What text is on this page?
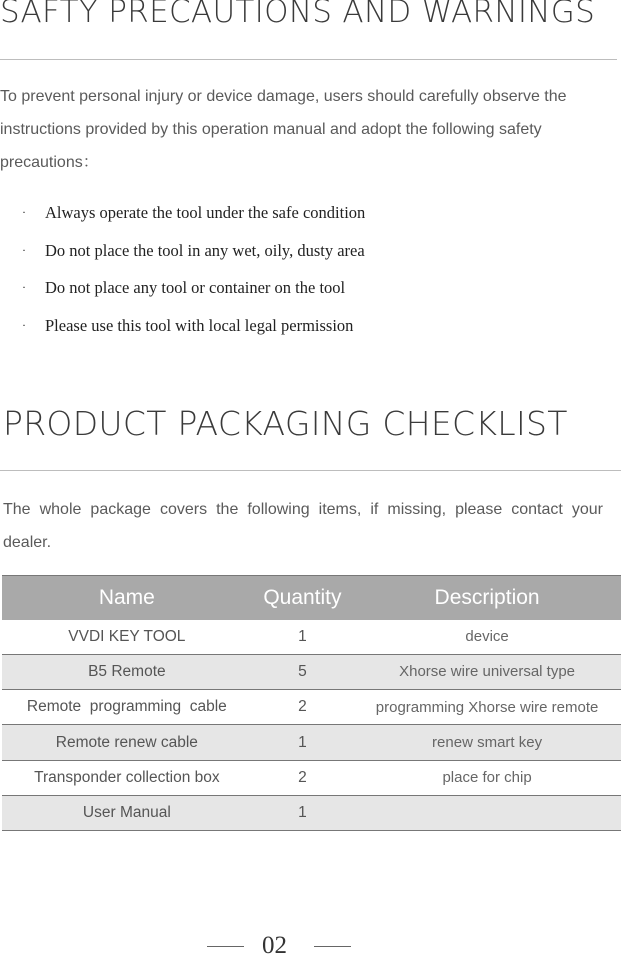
SAFTY PRECAUTIONS AND WARNINGS
To prevent personal injury or device damage, users should carefully observe the instructions provided by this operation manual and adopt the following safety precautions：
·	Always operate the tool under the safe condition
·	Do not place the tool in any wet, oily, dusty area
·	Do not place any tool or container on the tool
·	Please use this tool with local legal permission
PRODUCT PACKAGING CHECKLIST
The whole package covers the following items, if missing, please contact your dealer.
Name	Quantity	Description
VVDI KEY TOOL	1	device
B5 Remote	5	Xhorse wire universal type
Remote  programming  cable	2	programming Xhorse wire remote
Remote renew cable	1	renew smart key
Transponder collection box	2	place for chip
User Manual	1	
02
